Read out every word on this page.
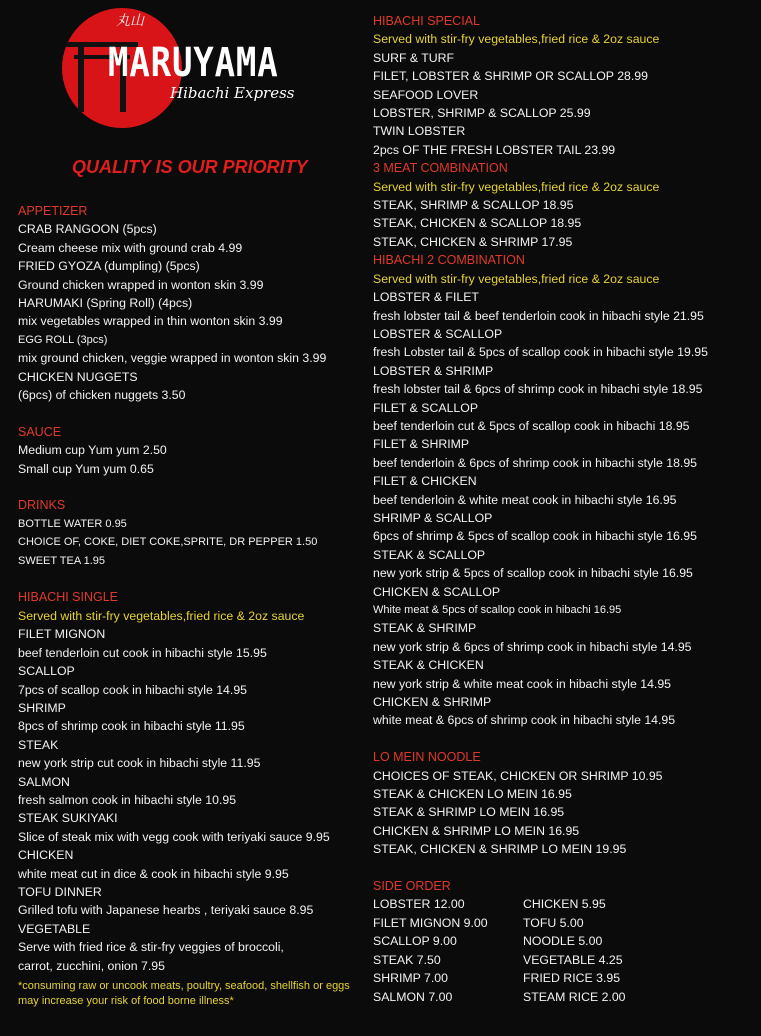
丸山
MARUYAMA
Hibachi Express
QUALITY IS OUR PRIORITY
APPETIZER
CRAB RANGOON (5pcs)
Cream cheese mix with ground crab 4.99
FRIED GYOZA (dumpling) (5pcs)
Ground chicken wrapped in wonton skin 3.99
HARUMAKI (Spring Roll) (4pcs)
mix vegetables wrapped in thin wonton skin 3.99
EGG ROLL (3pcs)
mix ground chicken, veggie wrapped in wonton skin 3.99
CHICKEN NUGGETS
(6pcs) of chicken nuggets 3.50
SAUCE
Medium cup Yum yum 2.50
Small cup Yum yum 0.65
DRINKS
BOTTLE WATER 0.95
CHOICE OF, COKE, DIET COKE,SPRITE, DR PEPPER 1.50
SWEET TEA 1.95
HIBACHI SINGLE
Served with stir-fry vegetables,fried rice & 2oz sauce
FILET MIGNON
beef tenderloin cut cook in hibachi style 15.95
SCALLOP
7pcs of scallop cook in hibachi style 14.95
SHRIMP
8pcs of shrimp cook in hibachi style 11.95
STEAK
new york strip cut cook in hibachi style 11.95
SALMON
fresh salmon cook in hibachi style 10.95
STEAK SUKIYAKI
Slice of steak mix with vegg cook with teriyaki sauce 9.95
CHICKEN
white meat cut in dice & cook in hibachi style 9.95
TOFU DINNER
Grilled tofu with Japanese hearbs , teriyaki sauce 8.95
VEGETABLE
Serve with fried rice & stir-fry veggies of broccoli,
carrot, zucchini, onion 7.95
*consuming raw or uncook meats, poultry, seafood, shellfish or eggs may increase your risk of food borne illness*
HIBACHI SPECIAL
Served with stir-fry vegetables,fried rice & 2oz sauce
SURF & TURF
FILET, LOBSTER & SHRIMP OR SCALLOP 28.99
SEAFOOD LOVER
LOBSTER, SHRIMP & SCALLOP 25.99
TWIN LOBSTER
2pcs OF THE FRESH LOBSTER TAIL 23.99
3 MEAT COMBINATION
Served with stir-fry vegetables,fried rice & 2oz sauce
STEAK, SHRIMP & SCALLOP 18.95
STEAK, CHICKEN & SCALLOP 18.95
STEAK, CHICKEN & SHRIMP 17.95
HIBACHI 2 COMBINATION
Served with stir-fry vegetables,fried rice & 2oz sauce
LOBSTER & FILET
fresh lobster tail & beef tenderloin cook in hibachi style 21.95
LOBSTER & SCALLOP
fresh Lobster tail & 5pcs of scallop cook in hibachi style 19.95
LOBSTER & SHRIMP
fresh lobster tail & 6pcs of shrimp cook in hibachi style 18.95
FILET & SCALLOP
beef tenderloin cut & 5pcs of scallop cook in hibachi 18.95
FILET & SHRIMP
beef tenderloin & 6pcs of shrimp cook in hibachi style 18.95
FILET & CHICKEN
beef tenderloin & white meat cook in hibachi style 16.95
SHRIMP & SCALLOP
6pcs of shrimp & 5pcs of scallop cook in hibachi style 16.95
STEAK & SCALLOP
new york strip & 5pcs of scallop cook in hibachi style 16.95
CHICKEN & SCALLOP
White meat & 5pcs of scallop cook in hibachi 16.95
STEAK & SHRIMP
new york strip & 6pcs of shrimp cook in hibachi style 14.95
STEAK & CHICKEN
new york strip & white meat cook in hibachi style 14.95
CHICKEN & SHRIMP
white meat & 6pcs of shrimp cook in hibachi style 14.95
LO MEIN NOODLE
CHOICES OF STEAK, CHICKEN OR SHRIMP 10.95
STEAK & CHICKEN LO MEIN 16.95
STEAK & SHRIMP LO MEIN 16.95
CHICKEN & SHRIMP LO MEIN 16.95
STEAK, CHICKEN & SHRIMP LO MEIN 19.95
SIDE ORDER
LOBSTER 12.00
FILET MIGNON 9.00
SCALLOP 9.00
STEAK 7.50
SHRIMP 7.00
SALMON 7.00
CHICKEN 5.95
TOFU 5.00
NOODLE 5.00
VEGETABLE 4.25
FRIED RICE 3.95
STEAM RICE 2.00
